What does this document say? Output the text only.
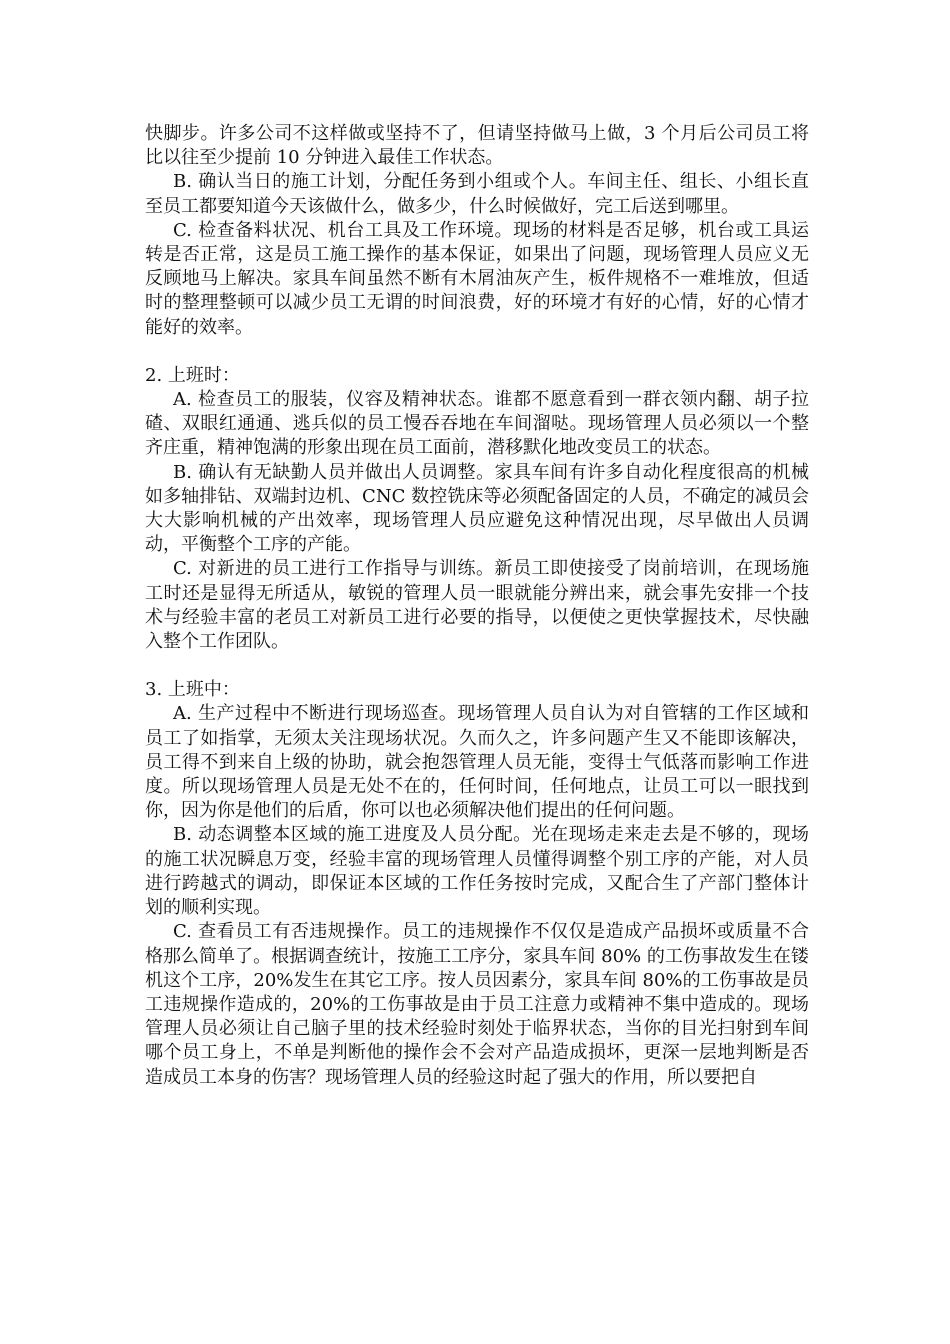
快脚步。许多公司不这样做或坚持不了，但请坚持做马上做，3 个月后公司员工将比以往至少提前 10 分钟进入最佳工作状态。

B. 确认当日的施工计划，分配任务到小组或个人。车间主任、组长、小组长直至员工都要知道今天该做什么，做多少，什么时候做好，完工后送到哪里。

C. 检查备料状况、机台工具及工作环境。现场的材料是否足够，机台或工具运转是否正常，这是员工施工操作的基本保证，如果出了问题，现场管理人员应义无反顾地马上解决。家具车间虽然不断有木屑油灰产生，板件规格不一难堆放，但适时的整理整顿可以减少员工无谓的时间浪费，好的环境才有好的心情，好的心情才能好的效率。

2. 上班时：

A. 检查员工的服装，仪容及精神状态。谁都不愿意看到一群衣领内翻、胡子拉碴、双眼红通通、逃兵似的员工慢吞吞地在车间溜哒。现场管理人员必须以一个整齐庄重，精神饱满的形象出现在员工面前，潜移默化地改变员工的状态。

B. 确认有无缺勤人员并做出人员调整。家具车间有许多自动化程度很高的机械如多轴排钻、双端封边机、CNC 数控铣床等必须配备固定的人员，不确定的减员会大大影响机械的产出效率，现场管理人员应避免这种情况出现，尽早做出人员调动，平衡整个工序的产能。

C. 对新进的员工进行工作指导与训练。新员工即使接受了岗前培训，在现场施工时还是显得无所适从，敏锐的管理人员一眼就能分辨出来，就会事先安排一个技术与经验丰富的老员工对新员工进行必要的指导，以便使之更快掌握技术，尽快融入整个工作团队。

3. 上班中：

A. 生产过程中不断进行现场巡查。现场管理人员自认为对自管辖的工作区域和员工了如指掌，无须太关注现场状况。久而久之，许多问题产生又不能即该解决，员工得不到来自上级的协助，就会抱怨管理人员无能，变得士气低落而影响工作进度。所以现场管理人员是无处不在的，任何时间，任何地点，让员工可以一眼找到你，因为你是他们的后盾，你可以也必须解决他们提出的任何问题。

B. 动态调整本区域的施工进度及人员分配。光在现场走来走去是不够的，现场的施工状况瞬息万变，经验丰富的现场管理人员懂得调整个别工序的产能，对人员进行跨越式的调动，即保证本区域的工作任务按时完成，又配合生了产部门整体计划的顺利实现。

C. 查看员工有否违规操作。员工的违规操作不仅仅是造成产品损坏或质量不合格那么简单了。根据调查统计，按施工工序分，家具车间 80% 的工伤事故发生在镂机这个工序，20%发生在其它工序。按人员因素分，家具车间 80%的工伤事故是员工违规操作造成的，20%的工伤事故是由于员工注意力或精神不集中造成的。现场管理人员必须让自己脑子里的技术经验时刻处于临界状态，当你的目光扫射到车间哪个员工身上，不单是判断他的操作会不会对产品造成损坏，更深一层地判断是否造成员工本身的伤害？现场管理人员的经验这时起了强大的作用，所以要把自
